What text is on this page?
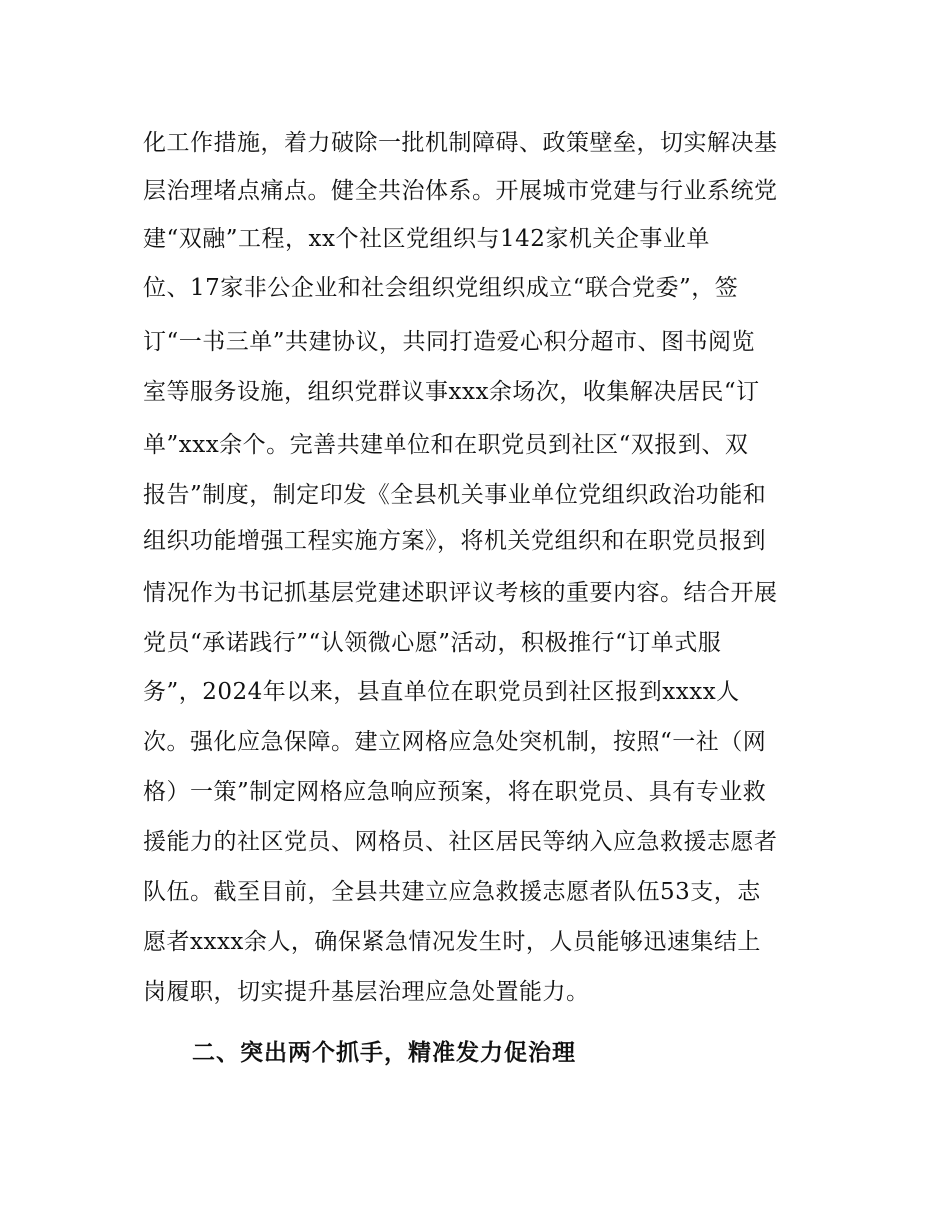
化工作措施，着力破除一批机制障碍、政策壁垒，切实解决基
层治理堵点痛点。健全共治体系。开展城市党建与行业系统党
建“双融”工程，xx个社区党组织与142家机关企事业单
位、17家非公企业和社会组织党组织成立“联合党委”，签
订“一书三单”共建协议，共同打造爱心积分超市、图书阅览
室等服务设施，组织党群议事xxx余场次，收集解决居民“订
单”xxx余个。完善共建单位和在职党员到社区“双报到、双
报告”制度，制定印发《全县机关事业单位党组织政治功能和
组织功能增强工程实施方案》，将机关党组织和在职党员报到
情况作为书记抓基层党建述职评议考核的重要内容。结合开展
党员“承诺践行”“认领微心愿”活动，积极推行“订单式服
务”，2024年以来，县直单位在职党员到社区报到xxxx人
次。强化应急保障。建立网格应急处突机制，按照“一社（网
格）一策”制定网格应急响应预案，将在职党员、具有专业救
援能力的社区党员、网格员、社区居民等纳入应急救援志愿者
队伍。截至目前，全县共建立应急救援志愿者队伍53支，志
愿者xxxx余人，确保紧急情况发生时，人员能够迅速集结上
岗履职，切实提升基层治理应急处置能力。
二、突出两个抓手，精准发力促治理
